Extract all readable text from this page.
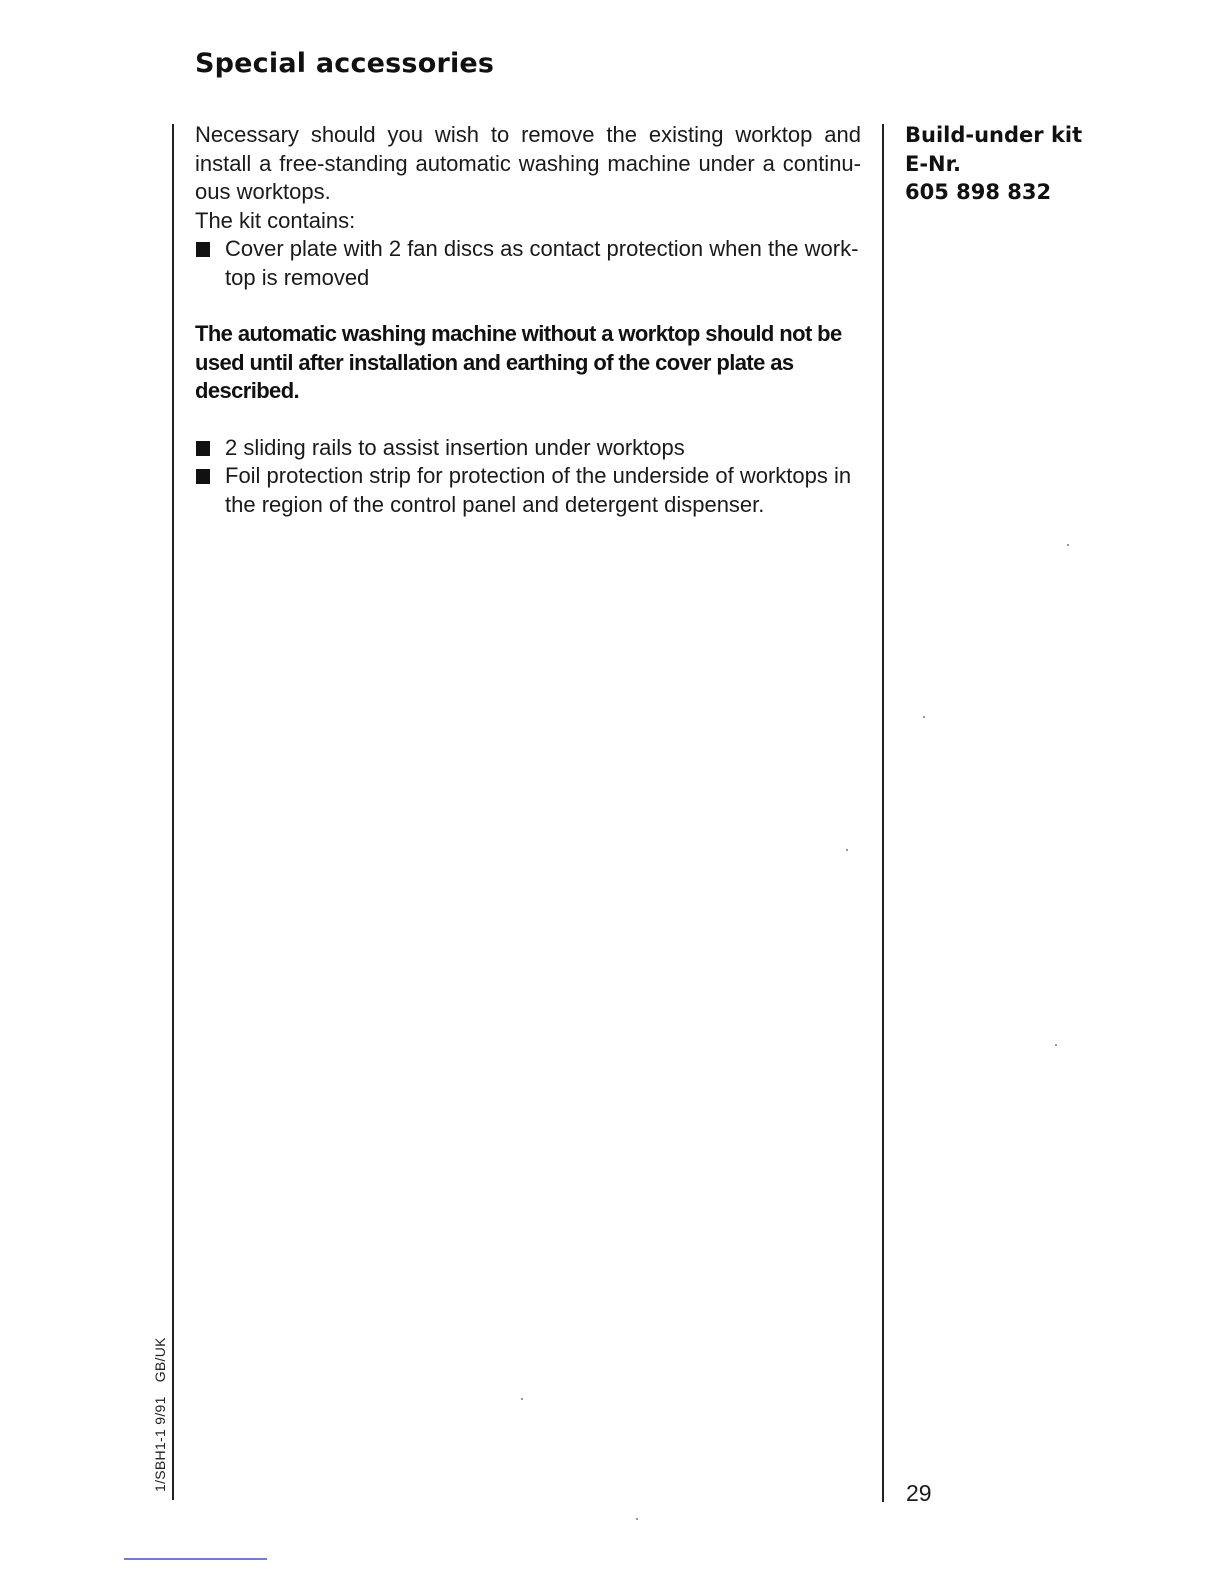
Special accessories

Necessary should you wish to remove the existing worktop and install a free-standing automatic washing machine under a continu-ous worktops.

The kit contains:

Cover plate with 2 fan discs as contact protection when the work-top is removed

The automatic washing machine without a worktop should not be used until after installation and earthing of the cover plate as described.

2 sliding rails to assist insertion under worktops
Foil protection strip for protection of the underside of worktops in the region of the control panel and detergent dispenser.
Build-under kit
E-Nr.
605 898 832
29
1/SBH1-1 9/91GB/UK
